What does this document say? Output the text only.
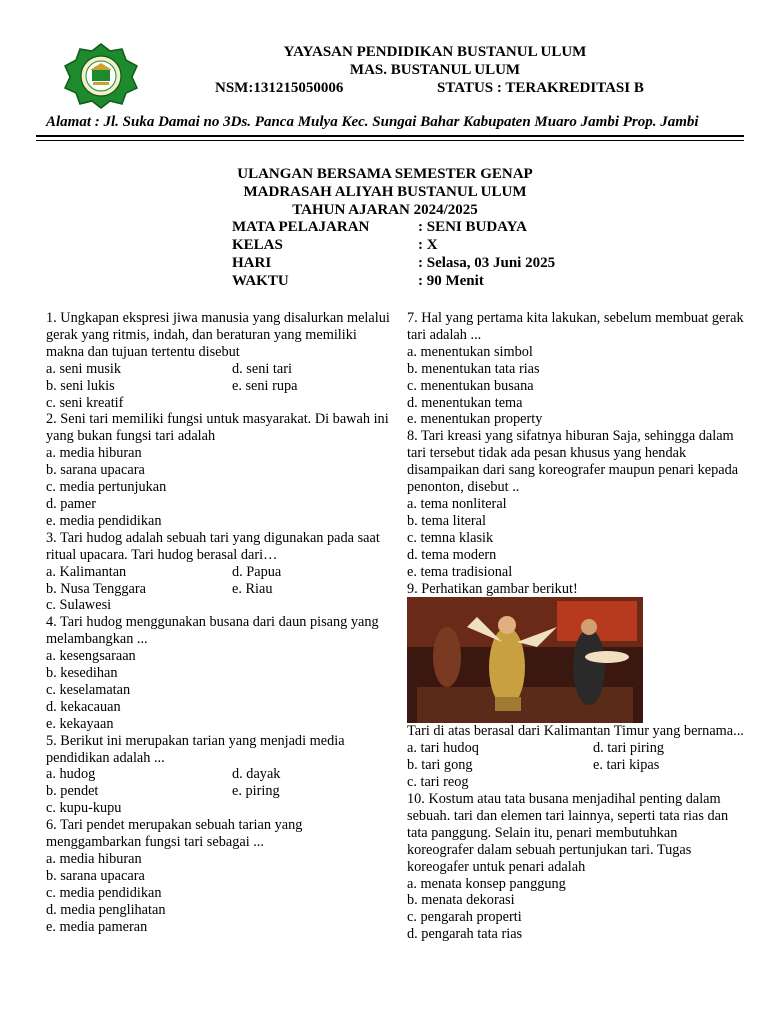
YAYASAN PENDIDIKAN BUSTANUL ULUM
MAS. BUSTANUL ULUM
NSM:131215050006	STATUS : TERAKREDITASI B
Alamat : Jl. Suka Damai no 3Ds. Panca Mulya Kec. Sungai Bahar Kabupaten Muaro Jambi Prop. Jambi
ULANGAN BERSAMA SEMESTER GENAP
MADRASAH ALIYAH BUSTANUL ULUM
TAHUN AJARAN 2024/2025
MATA PELAJARAN	: SENI BUDAYA
KELAS	: X
HARI	: Selasa, 03 Juni 2025
WAKTU	: 90 Menit
1. Ungkapan ekspresi jiwa manusia yang disalurkan melalui gerak yang ritmis, indah, dan beraturan yang memiliki makna dan tujuan tertentu disebut
a. seni musik	d. seni tari
b. seni lukis	e. seni rupa
c. seni kreatif
2. Seni tari memiliki fungsi untuk masyarakat. Di bawah ini yang bukan fungsi tari adalah
a. media hiburan
b. sarana upacara
c. media pertunjukan
d. pamer
e. media pendidikan
3. Tari hudog adalah sebuah tari yang digunakan pada saat ritual upacara. Tari hudog berasal dari…
a. Kalimantan	d. Papua
b. Nusa Tenggara	e. Riau
c. Sulawesi
4. Tari hudog menggunakan busana dari daun pisang yang melambangkan ...
a. kesengsaraan
b. kesedihan
c. keselamatan
d. kekacauan
e. kekayaan
5. Berikut ini merupakan tarian yang menjadi media pendidikan adalah ...
a. hudog	d. dayak
b. pendet	e. piring
c. kupu-kupu
6. Tari pendet merupakan sebuah tarian yang menggambarkan fungsi tari sebagai ...
a. media hiburan
b. sarana upacara
c. media pendidikan
d. media penglihatan
e. media pameran
7. Hal yang pertama kita lakukan, sebelum membuat gerak tari adalah ...
a. menentukan simbol
b. menentukan tata rias
c. menentukan busana
d. menentukan tema
e. menentukan property
8. Tari kreasi yang sifatnya hiburan Saja, sehingga dalam tari tersebut tidak ada pesan khusus yang hendak disampaikan dari sang koreografer maupun penari kepada penonton, disebut ..
a. tema nonliteral
b. tema literal
c. temna klasik
d. tema modern
e. tema tradisional
9. Perhatikan gambar berikut!
Tari di atas berasal dari Kalimantan Timur yang bernama...
a. tari hudoq	d. tari piring
b. tari gong	e. tari kipas
c. tari reog
10. Kostum atau tata busana menjadihal penting dalam sebuah. tari dan elemen tari lainnya, seperti tata rias dan tata panggung. Selain itu, penari membutuhkan koreografer dalam sebuah pertunjukan tari. Tugas koreogafer untuk penari adalah
a. menata konsep panggung
b. menata dekorasi
c. pengarah properti
d. pengarah tata rias
